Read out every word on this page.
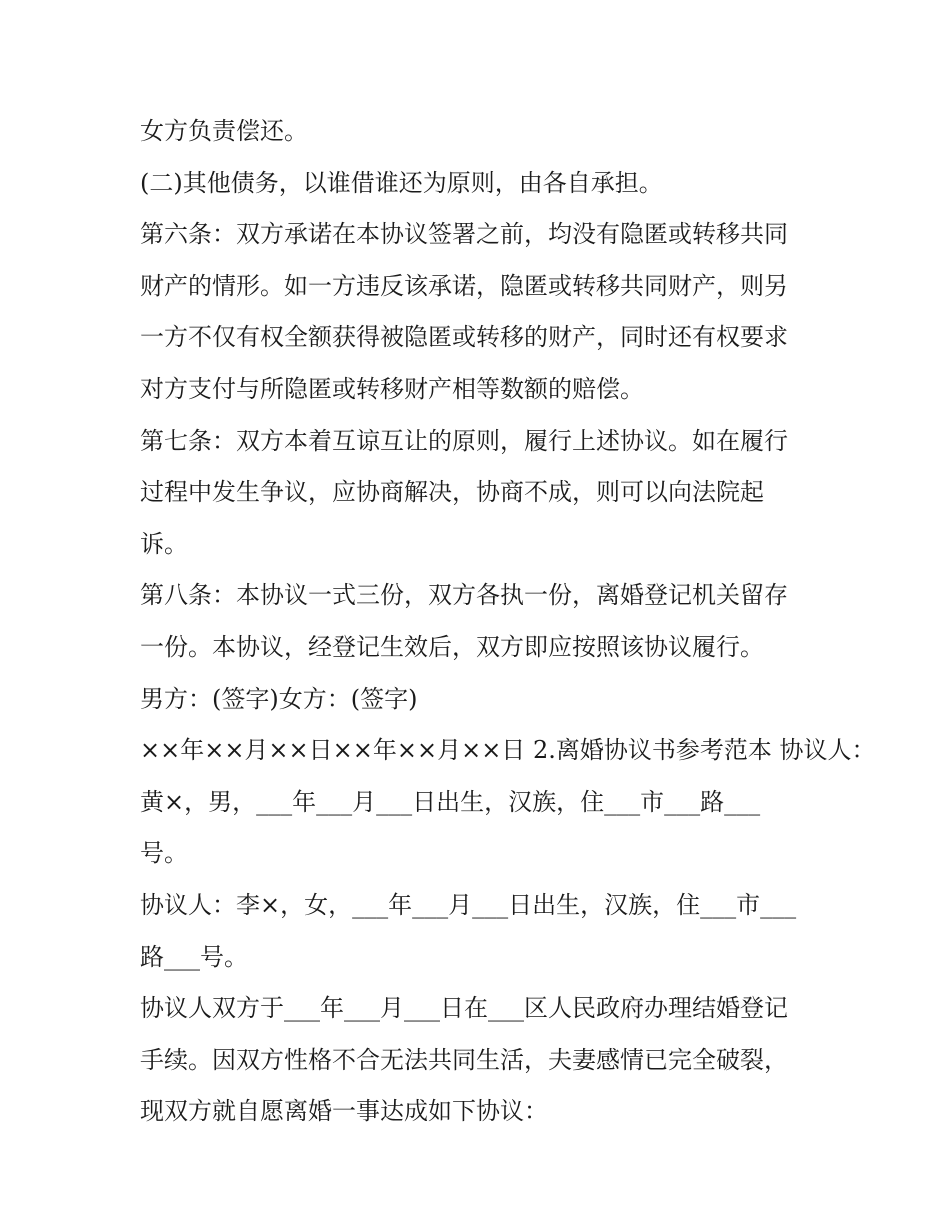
女方负责偿还。
(二)其他债务，以谁借谁还为原则，由各自承担。
第六条：双方承诺在本协议签署之前，均没有隐匿或转移共同
财产的情形。如一方违反该承诺，隐匿或转移共同财产，则另
一方不仅有权全额获得被隐匿或转移的财产，同时还有权要求
对方支付与所隐匿或转移财产相等数额的赔偿。
第七条：双方本着互谅互让的原则，履行上述协议。如在履行
过程中发生争议，应协商解决，协商不成，则可以向法院起
诉。
第八条：本协议一式三份，双方各执一份，离婚登记机关留存
一份。本协议，经登记生效后，双方即应按照该协议履行。
男方：(签字)女方：(签字)
××年××月××日××年××月××日 2.离婚协议书参考范本 协议人：
黄×，男，___年___月___日出生，汉族，住___市___路___
号。
协议人：李×，女，___年___月___日出生，汉族，住___市___
路___号。
协议人双方于___年___月___日在___区人民政府办理结婚登记
手续。因双方性格不合无法共同生活，夫妻感情已完全破裂，
现双方就自愿离婚一事达成如下协议：
